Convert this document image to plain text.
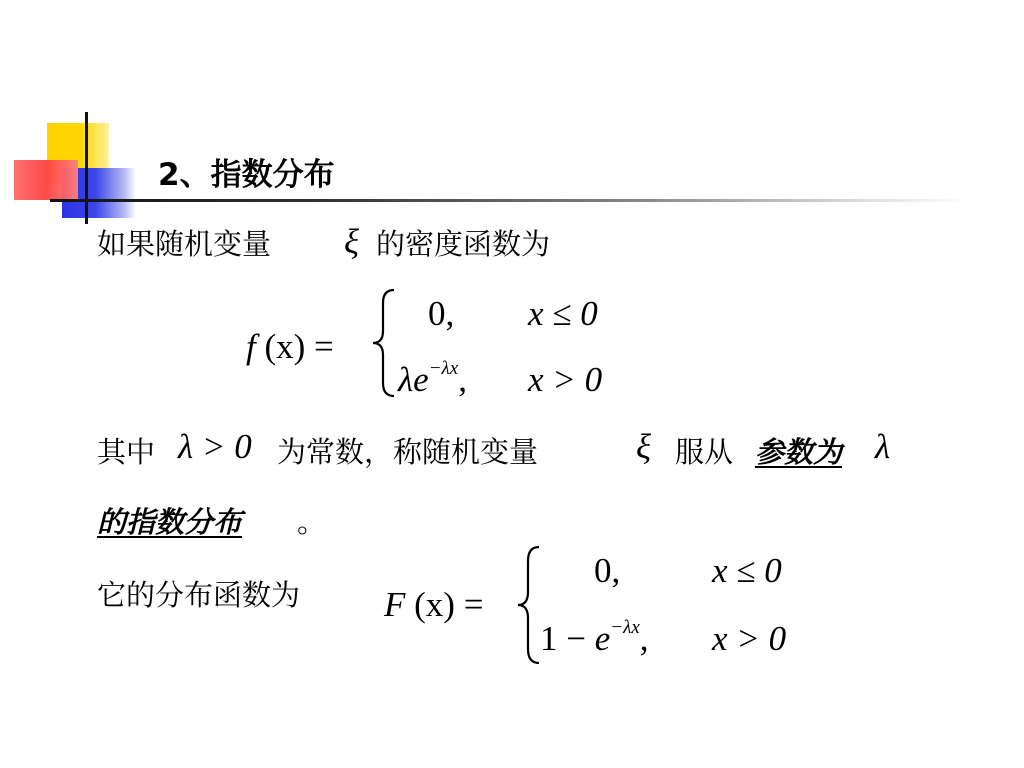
2、指数分布
如果随机变量 ξ 的密度函数为
f (x) =
0, x ≤ 0
$\lambda e^{-\lambda x}$, x > 0
其中 λ > 0 为常数，称随机变量	ξ 服从 参数为 λ
的指数分布 。
它的分布函数为 F (x) =
0,	x ≤ 0
$1 - e^{-\lambda x}$, x > 0
